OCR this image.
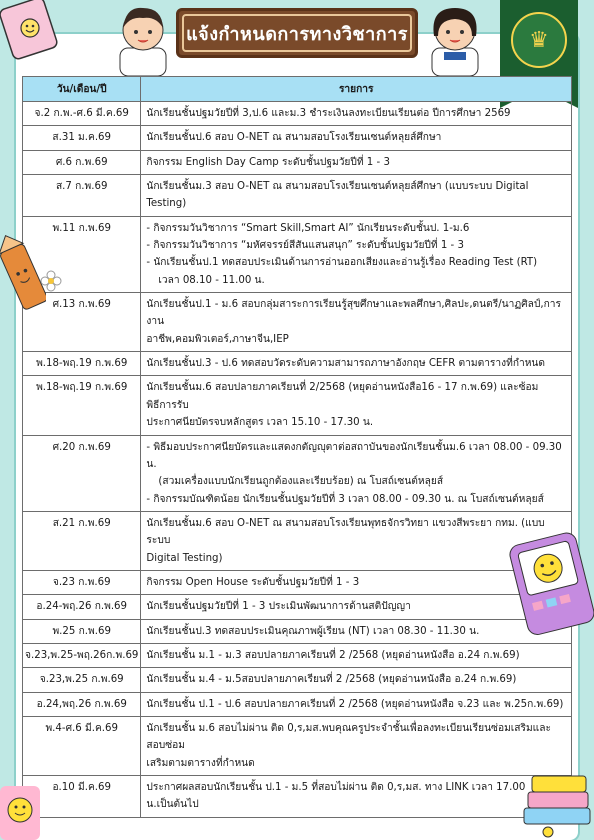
แจ้งกำหนดการทางวิชาการ	♛
วัน/เดือน/ปี	รายการ
จ.2 ก.พ.-ศ.6 มี.ค.69	นักเรียนชั้นปฐมวัยปีที่ 3,ป.6 และม.3 ชำระเงินลงทะเบียนเรียนต่อ ปีการศึกษา 2569

ส.31 ม.ค.69	นักเรียนชั้นป.6 สอบ O-NET ณ สนามสอบโรงเรียนเซนต์หลุยส์ศึกษา

ศ.6 ก.พ.69	กิจกรรม English Day Camp ระดับชั้นปฐมวัยปีที่ 1 - 3

ส.7 ก.พ.69	นักเรียนชั้นม.3 สอบ O-NET ณ สนามสอบโรงเรียนเซนต์หลุยส์ศึกษา (แบบระบบ Digital Testing)

พ.11 ก.พ.69	- กิจกรรมวันวิชาการ “Smart Skill,Smart AI” นักเรียนระดับชั้นป. 1-ม.6
- กิจกรรมวันวิชาการ “มหัศจรรย์สีสันแสนสนุก” ระดับชั้นปฐมวัยปีที่ 1 - 3
- นักเรียนชั้นป.1 ทดสอบประเมินด้านการอ่านออกเสียงและอ่านรู้เรื่อง Reading Test (RT)
เวลา 08.10 - 11.00 น.

ศ.13 ก.พ.69	นักเรียนชั้นป.1 - ม.6 สอบกลุ่มสาระการเรียนรู้สุขศึกษาและพลศึกษา,ศิลปะ,ดนตรี/นาฏศิลป์,การงาน
อาชีพ,คอมพิวเตอร์,ภาษาจีน,IEP

พ.18-พฤ.19 ก.พ.69	นักเรียนชั้นป.3 - ป.6 ทดสอบวัดระดับความสามารถภาษาอังกฤษ CEFR ตามตารางที่กำหนด

พ.18-พฤ.19 ก.พ.69	นักเรียนชั้นม.6 สอบปลายภาคเรียนที่ 2/2568 (หยุดอ่านหนังสือ16 - 17 ก.พ.69) และซ้อมพิธีการรับ
ประกาศนียบัตรจบหลักสูตร เวลา 15.10 - 17.30 น.

ศ.20 ก.พ.69	- พิธีมอบประกาศนียบัตรและแสดงกตัญญุตาต่อสถาบันของนักเรียนชั้นม.6 เวลา 08.00 - 09.30 น.
(สวมเครื่องแบบนักเรียนถูกต้องและเรียบร้อย) ณ โบสถ์เซนต์หลุยส์
- กิจกรรมบัณฑิตน้อย นักเรียนชั้นปฐมวัยปีที่ 3 เวลา 08.00 - 09.30 น. ณ โบสถ์เซนต์หลุยส์

ส.21 ก.พ.69	นักเรียนชั้นม.6 สอบ O-NET ณ สนามสอบโรงเรียนพุทธจักรวิทยา แขวงสีพระยา กทม. (แบบระบบ
Digital Testing)

จ.23 ก.พ.69	กิจกรรม Open House ระดับชั้นปฐมวัยปีที่ 1 - 3

อ.24-พฤ.26 ก.พ.69	นักเรียนชั้นปฐมวัยปีที่ 1 - 3 ประเมินพัฒนาการด้านสติปัญญา

พ.25 ก.พ.69	นักเรียนชั้นป.3 ทดสอบประเมินคุณภาพผู้เรียน (NT) เวลา 08.30 - 11.30 น.

จ.23,พ.25-พฤ.26ก.พ.69	นักเรียนชั้น ม.1 - ม.3 สอบปลายภาคเรียนที่ 2 /2568 (หยุดอ่านหนังสือ อ.24 ก.พ.69)

จ.23,พ.25 ก.พ.69	นักเรียนชั้น ม.4 - ม.5สอบปลายภาคเรียนที่ 2 /2568 (หยุดอ่านหนังสือ อ.24 ก.พ.69)

อ.24,พฤ.26 ก.พ.69	นักเรียนชั้น ป.1 - ป.6 สอบปลายภาคเรียนที่ 2 /2568 (หยุดอ่านหนังสือ จ.23 และ พ.25ก.พ.69)

พ.4-ศ.6 มี.ค.69	นักเรียนชั้น ม.6 สอบไม่ผ่าน ติด 0,ร,มส.พบคุณครูประจำชั้นเพื่อลงทะเบียนเรียนซ่อมเสริมและสอบซ่อม
เสริมตามตารางที่กำหนด

อ.10 มี.ค.69	ประกาศผลสอบนักเรียนชั้น ป.1 - ม.5 ที่สอบไม่ผ่าน ติด 0,ร,มส. ทาง LINK เวลา 17.00 น.เป็นต้นไป
